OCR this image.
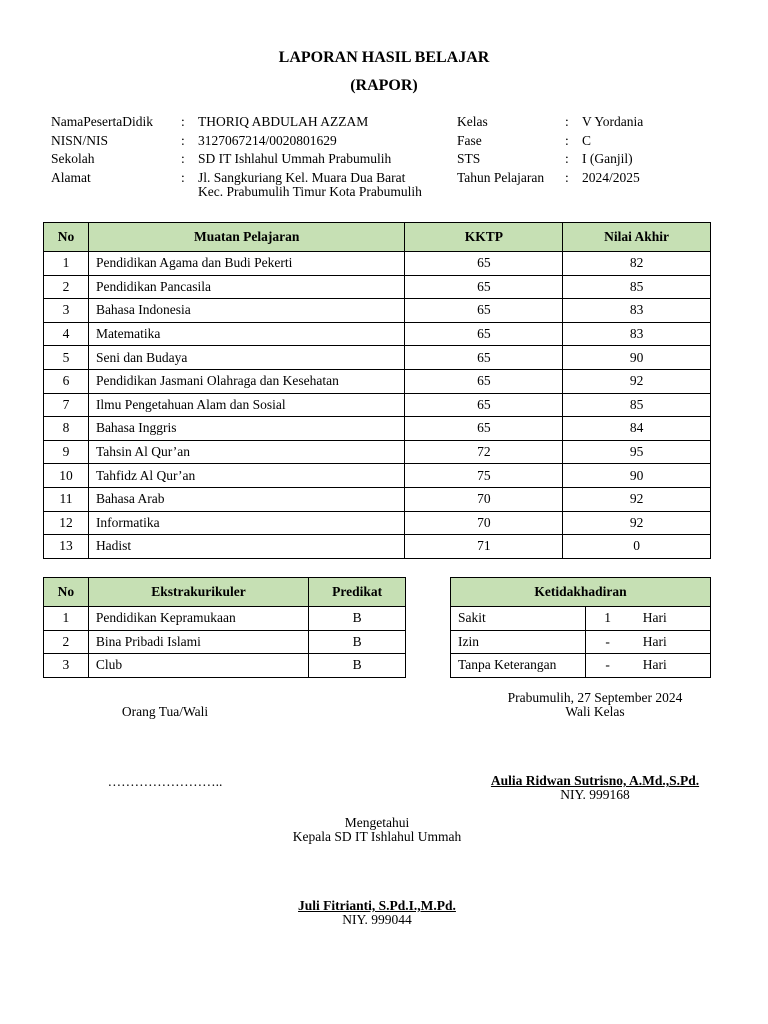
LAPORAN HASIL BELAJAR
(RAPOR)
NamaPesertaDidik	: THORIQ ABDULAH AZZAM
NISN/NIS	: 3127067214/0020801629
Sekolah	: SD IT Ishlahul Ummah Prabumulih
Alamat	: Jl. Sangkuriang Kel. Muara Dua Barat
Kec. Prabumulih Timur Kota Prabumulih
Kelas	: V Yordania
Fase	: C
STS	: I (Ganjil)
Tahun Pelajaran	: 2024/2025
No	Muatan Pelajaran	KKTP	Nilai Akhir
1	Pendidikan Agama dan Budi Pekerti	65	82
2	Pendidikan Pancasila	65	85
3	Bahasa Indonesia	65	83
4	Matematika	65	83
5	Seni dan Budaya	65	90
6	Pendidikan Jasmani Olahraga dan Kesehatan	65	92
7	Ilmu Pengetahuan Alam dan Sosial	65	85
8	Bahasa Inggris	65	84
9	Tahsin Al Qur’an	72	95
10	Tahfidz Al Qur’an	75	90
11	Bahasa Arab	70	92
12	Informatika	70	92
13	Hadist	71	0
No	Ekstrakurikuler	Predikat
1	Pendidikan Kepramukaan	B
2	Bina Pribadi Islami	B
3	Club	B
Ketidakhadiran		
Sakit	1	Hari
Izin	-	Hari
Tanpa Keterangan	-	Hari
Orang Tua/Wali
……………………..
Prabumulih, 27 September 2024
Wali Kelas
Aulia Ridwan Sutrisno, A.Md.,S.Pd.
NIY. 999168
Mengetahui
Kepala SD IT Ishlahul Ummah
Juli Fitrianti, S.Pd.I.,M.Pd.
NIY. 999044
